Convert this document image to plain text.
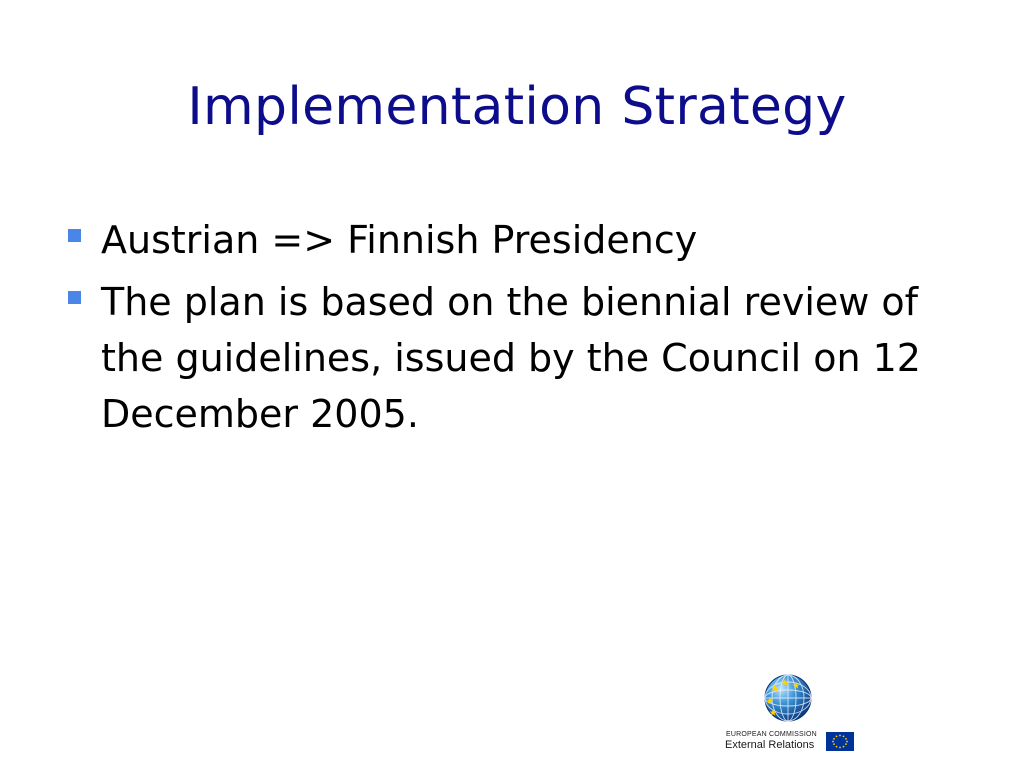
Implementation Strategy
Austrian => Finnish Presidency
The plan is based on the biennial review of the guidelines, issued by the Council on 12 December 2005.
EUROPEAN COMMISSION
External Relations
